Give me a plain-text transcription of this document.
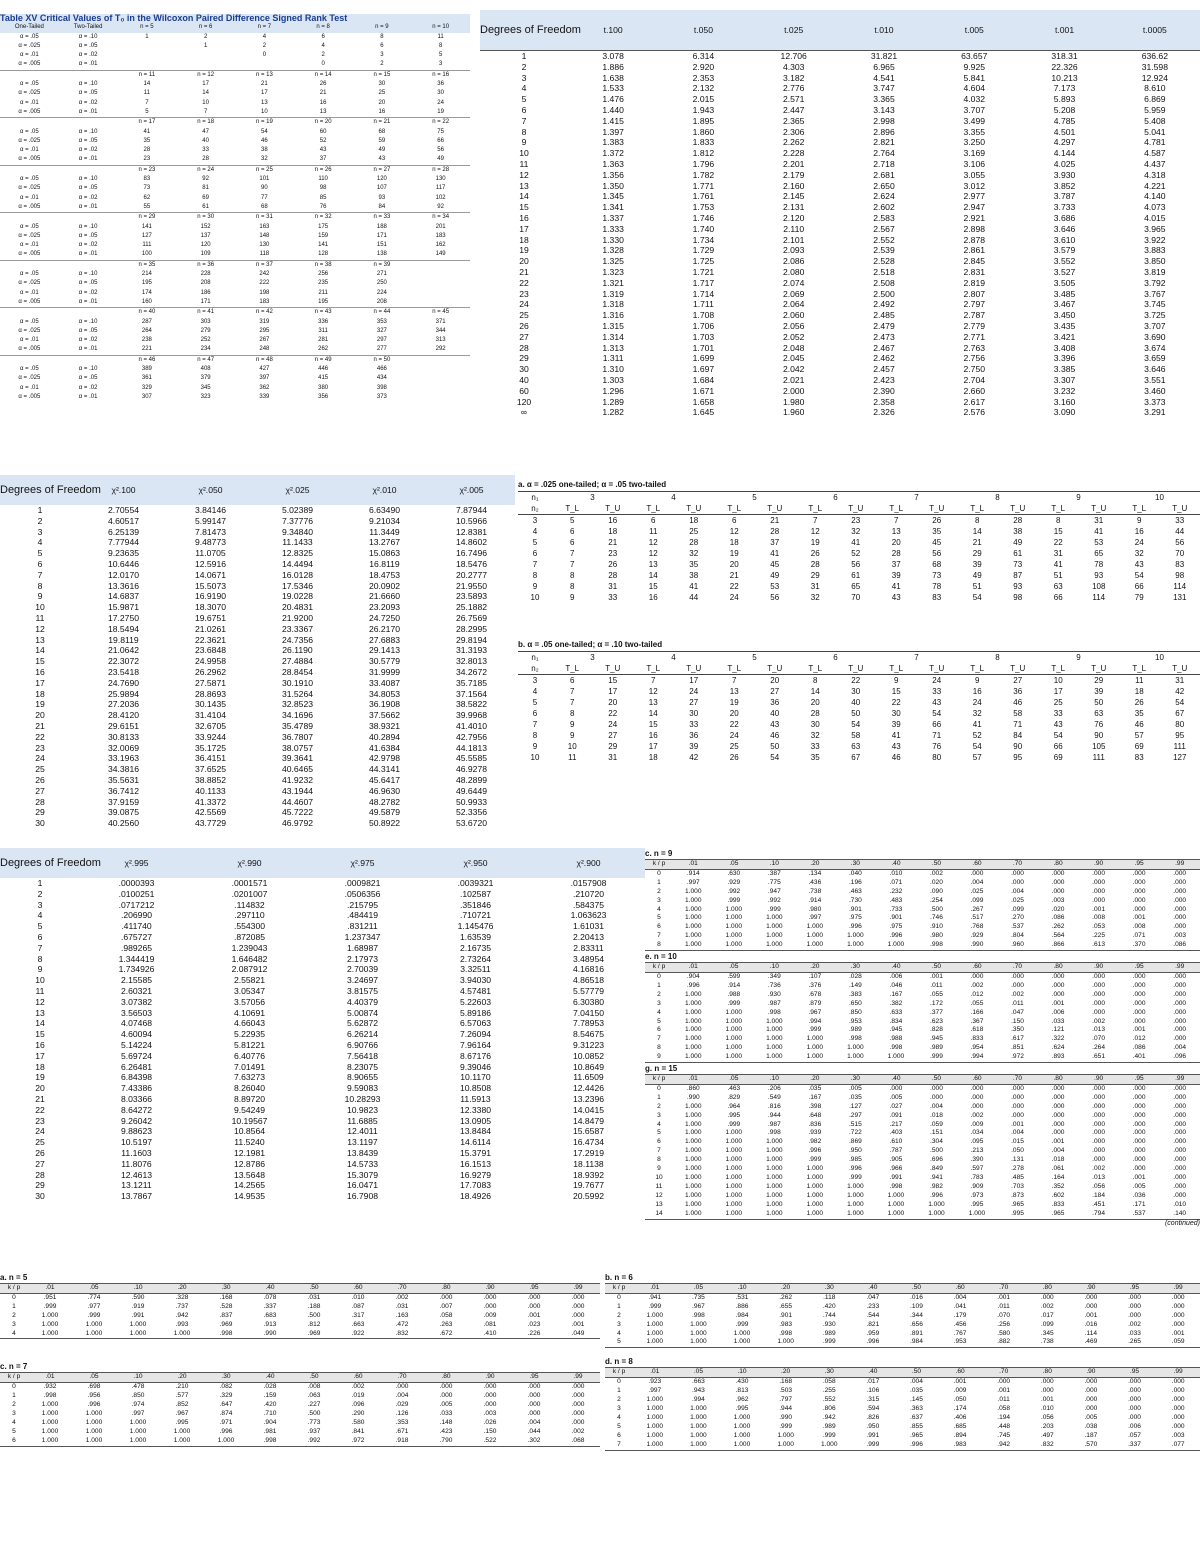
Table XV Critical Values of T₀ in the Wilcoxon Paired Difference Signed Rank Test							
One-Tailed	Two-Tailed	n = 5	n = 6	n = 7	n = 8	n = 9	n = 10
α = .05	α = .10	1	2	4	6	8	11
α = .025	α = .05		1	2	4	6	8
α = .01	α = .02			0	2	3	5
α = .005	α = .01				0	2	3
		n = 11	n = 12	n = 13	n = 14	n = 15	n = 16
α = .05	α = .10	14	17	21	26	30	36
α = .025	α = .05	11	14	17	21	25	30
α = .01	α = .02	7	10	13	16	20	24
α = .005	α = .01	5	7	10	13	16	19
		n = 17	n = 18	n = 19	n = 20	n = 21	n = 22
α = .05	α = .10	41	47	54	60	68	75
α = .025	α = .05	35	40	46	52	59	66
α = .01	α = .02	28	33	38	43	49	56
α = .005	α = .01	23	28	32	37	43	49
		n = 23	n = 24	n = 25	n = 26	n = 27	n = 28
α = .05	α = .10	83	92	101	110	120	130
α = .025	α = .05	73	81	90	98	107	117
α = .01	α = .02	62	69	77	85	93	102
α = .005	α = .01	55	61	68	76	84	92
		n = 29	n = 30	n = 31	n = 32	n = 33	n = 34
α = .05	α = .10	141	152	163	175	188	201
α = .025	α = .05	127	137	148	159	171	183
α = .01	α = .02	111	120	130	141	151	162
α = .005	α = .01	100	109	118	128	138	149
		n = 35	n = 36	n = 37	n = 38	n = 39	
α = .05	α = .10	214	228	242	256	271	
α = .025	α = .05	195	208	222	235	250	
α = .01	α = .02	174	186	198	211	224	
α = .005	α = .01	160	171	183	195	208	
		n = 40	n = 41	n = 42	n = 43	n = 44	n = 45
α = .05	α = .10	287	303	319	336	353	371
α = .025	α = .05	264	279	295	311	327	344
α = .01	α = .02	238	252	267	281	297	313
α = .005	α = .01	221	234	248	262	277	292
		n = 46	n = 47	n = 48	n = 49	n = 50	
α = .05	α = .10	389	408	427	446	466	
α = .025	α = .05	361	379	397	415	434	
α = .01	α = .02	329	345	362	380	398	
α = .005	α = .01	307	323	339	356	373	
Degrees of Freedom	t.100	t.050	t.025	t.010	t.005	t.001	t.0005
1	3.078	6.314	12.706	31.821	63.657	318.31	636.62
2	1.886	2.920	4.303	6.965	9.925	22.326	31.598
3	1.638	2.353	3.182	4.541	5.841	10.213	12.924
4	1.533	2.132	2.776	3.747	4.604	7.173	8.610
5	1.476	2.015	2.571	3.365	4.032	5.893	6.869
6	1.440	1.943	2.447	3.143	3.707	5.208	5.959
7	1.415	1.895	2.365	2.998	3.499	4.785	5.408
8	1.397	1.860	2.306	2.896	3.355	4.501	5.041
9	1.383	1.833	2.262	2.821	3.250	4.297	4.781
10	1.372	1.812	2.228	2.764	3.169	4.144	4.587
11	1.363	1.796	2.201	2.718	3.106	4.025	4.437
12	1.356	1.782	2.179	2.681	3.055	3.930	4.318
13	1.350	1.771	2.160	2.650	3.012	3.852	4.221
14	1.345	1.761	2.145	2.624	2.977	3.787	4.140
15	1.341	1.753	2.131	2.602	2.947	3.733	4.073
16	1.337	1.746	2.120	2.583	2.921	3.686	4.015
17	1.333	1.740	2.110	2.567	2.898	3.646	3.965
18	1.330	1.734	2.101	2.552	2.878	3.610	3.922
19	1.328	1.729	2.093	2.539	2.861	3.579	3.883
20	1.325	1.725	2.086	2.528	2.845	3.552	3.850
21	1.323	1.721	2.080	2.518	2.831	3.527	3.819
22	1.321	1.717	2.074	2.508	2.819	3.505	3.792
23	1.319	1.714	2.069	2.500	2.807	3.485	3.767
24	1.318	1.711	2.064	2.492	2.797	3.467	3.745
25	1.316	1.708	2.060	2.485	2.787	3.450	3.725
26	1.315	1.706	2.056	2.479	2.779	3.435	3.707
27	1.314	1.703	2.052	2.473	2.771	3.421	3.690
28	1.313	1.701	2.048	2.467	2.763	3.408	3.674
29	1.311	1.699	2.045	2.462	2.756	3.396	3.659
30	1.310	1.697	2.042	2.457	2.750	3.385	3.646
40	1.303	1.684	2.021	2.423	2.704	3.307	3.551
60	1.296	1.671	2.000	2.390	2.660	3.232	3.460
120	1.289	1.658	1.980	2.358	2.617	3.160	3.373
∞	1.282	1.645	1.960	2.326	2.576	3.090	3.291
Degrees of Freedom	χ².100	χ².050	χ².025	χ².010	χ².005
1	2.70554	3.84146	5.02389	6.63490	7.87944
2	4.60517	5.99147	7.37776	9.21034	10.5966
3	6.25139	7.81473	9.34840	11.3449	12.8381
4	7.77944	9.48773	11.1433	13.2767	14.8602
5	9.23635	11.0705	12.8325	15.0863	16.7496
6	10.6446	12.5916	14.4494	16.8119	18.5476
7	12.0170	14.0671	16.0128	18.4753	20.2777
8	13.3616	15.5073	17.5346	20.0902	21.9550
9	14.6837	16.9190	19.0228	21.6660	23.5893
10	15.9871	18.3070	20.4831	23.2093	25.1882
11	17.2750	19.6751	21.9200	24.7250	26.7569
12	18.5494	21.0261	23.3367	26.2170	28.2995
13	19.8119	22.3621	24.7356	27.6883	29.8194
14	21.0642	23.6848	26.1190	29.1413	31.3193
15	22.3072	24.9958	27.4884	30.5779	32.8013
16	23.5418	26.2962	28.8454	31.9999	34.2672
17	24.7690	27.5871	30.1910	33.4087	35.7185
18	25.9894	28.8693	31.5264	34.8053	37.1564
19	27.2036	30.1435	32.8523	36.1908	38.5822
20	28.4120	31.4104	34.1696	37.5662	39.9968
21	29.6151	32.6705	35.4789	38.9321	41.4010
22	30.8133	33.9244	36.7807	40.2894	42.7956
23	32.0069	35.1725	38.0757	41.6384	44.1813
24	33.1963	36.4151	39.3641	42.9798	45.5585
25	34.3816	37.6525	40.6465	44.3141	46.9278
26	35.5631	38.8852	41.9232	45.6417	48.2899
27	36.7412	40.1133	43.1944	46.9630	49.6449
28	37.9159	41.3372	44.4607	48.2782	50.9933
29	39.0875	42.5569	45.7222	49.5879	52.3356
30	40.2560	43.7729	46.9792	50.8922	53.6720
a. α = .025 one-tailed; α = .05 two-tailed
n₁	3		4		5		6		7		8		9		10	
n₂	T_L	T_U	T_L	T_U	T_L	T_U	T_L	T_U	T_L	T_U	T_L	T_U	T_L	T_U	T_L	T_U
3	5	16	6	18	6	21	7	23	7	26	8	28	8	31	9	33
4	6	18	11	25	12	28	12	32	13	35	14	38	15	41	16	44
5	6	21	12	28	18	37	19	41	20	45	21	49	22	53	24	56
6	7	23	12	32	19	41	26	52	28	56	29	61	31	65	32	70
7	7	26	13	35	20	45	28	56	37	68	39	73	41	78	43	83
8	8	28	14	38	21	49	29	61	39	73	49	87	51	93	54	98
9	8	31	15	41	22	53	31	65	41	78	51	93	63	108	66	114
10	9	33	16	44	24	56	32	70	43	83	54	98	66	114	79	131
b. α = .05 one-tailed; α = .10 two-tailed
n₁	3		4		5		6		7		8		9		10	
n₂	T_L	T_U	T_L	T_U	T_L	T_U	T_L	T_U	T_L	T_U	T_L	T_U	T_L	T_U	T_L	T_U
3	6	15	7	17	7	20	8	22	9	24	9	27	10	29	11	31
4	7	17	12	24	13	27	14	30	15	33	16	36	17	39	18	42
5	7	20	13	27	19	36	20	40	22	43	24	46	25	50	26	54
6	8	22	14	30	20	40	28	50	30	54	32	58	33	63	35	67
7	9	24	15	33	22	43	30	54	39	66	41	71	43	76	46	80
8	9	27	16	36	24	46	32	58	41	71	52	84	54	90	57	95
9	10	29	17	39	25	50	33	63	43	76	54	90	66	105	69	111
10	11	31	18	42	26	54	35	67	46	80	57	95	69	111	83	127
Degrees of Freedom	χ².995	χ².990	χ².975	χ².950	χ².900
1	.0000393	.0001571	.0009821	.0039321	.0157908
2	.0100251	.0201007	.0506356	.102587	.210720
3	.0717212	.114832	.215795	.351846	.584375
4	.206990	.297110	.484419	.710721	1.063623
5	.411740	.554300	.831211	1.145476	1.61031
6	.675727	.872085	1.237347	1.63539	2.20413
7	.989265	1.239043	1.68987	2.16735	2.83311
8	1.344419	1.646482	2.17973	2.73264	3.48954
9	1.734926	2.087912	2.70039	3.32511	4.16816
10	2.15585	2.55821	3.24697	3.94030	4.86518
11	2.60321	3.05347	3.81575	4.57481	5.57779
12	3.07382	3.57056	4.40379	5.22603	6.30380
13	3.56503	4.10691	5.00874	5.89186	7.04150
14	4.07468	4.66043	5.62872	6.57063	7.78953
15	4.60094	5.22935	6.26214	7.26094	8.54675
16	5.14224	5.81221	6.90766	7.96164	9.31223
17	5.69724	6.40776	7.56418	8.67176	10.0852
18	6.26481	7.01491	8.23075	9.39046	10.8649
19	6.84398	7.63273	8.90655	10.1170	11.6509
20	7.43386	8.26040	9.59083	10.8508	12.4426
21	8.03366	8.89720	10.28293	11.5913	13.2396
22	8.64272	9.54249	10.9823	12.3380	14.0415
23	9.26042	10.19567	11.6885	13.0905	14.8479
24	9.88623	10.8564	12.4011	13.8484	15.6587
25	10.5197	11.5240	13.1197	14.6114	16.4734
26	11.1603	12.1981	13.8439	15.3791	17.2919
27	11.8076	12.8786	14.5733	16.1513	18.1138
28	12.4613	13.5648	15.3079	16.9279	18.9392
29	13.1211	14.2565	16.0471	17.7083	19.7677
30	13.7867	14.9535	16.7908	18.4926	20.5992
c. n = 9
k / p	.01	.05	.10	.20	.30	.40	.50	.60	.70	.80	.90	.95	.99
0	.914	.630	.387	.134	.040	.010	.002	.000	.000	.000	.000	.000	.000
1	.997	.929	.775	.436	.196	.071	.020	.004	.000	.000	.000	.000	.000
2	1.000	.992	.947	.738	.463	.232	.090	.025	.004	.000	.000	.000	.000
3	1.000	.999	.992	.914	.730	.483	.254	.099	.025	.003	.000	.000	.000
4	1.000	1.000	.999	.980	.901	.733	.500	.267	.099	.020	.001	.000	.000
5	1.000	1.000	1.000	.997	.975	.901	.746	.517	.270	.086	.008	.001	.000
6	1.000	1.000	1.000	1.000	.996	.975	.910	.768	.537	.262	.053	.008	.000
7	1.000	1.000	1.000	1.000	1.000	.996	.980	.929	.804	.564	.225	.071	.003
8	1.000	1.000	1.000	1.000	1.000	1.000	.998	.990	.960	.866	.613	.370	.086
e. n = 10
k / p	.01	.05	.10	.20	.30	.40	.50	.60	.70	.80	.90	.95	.99
0	.904	.599	.349	.107	.028	.006	.001	.000	.000	.000	.000	.000	.000
1	.996	.914	.736	.376	.149	.046	.011	.002	.000	.000	.000	.000	.000
2	1.000	.988	.930	.678	.383	.167	.055	.012	.002	.000	.000	.000	.000
3	1.000	.999	.987	.879	.650	.382	.172	.055	.011	.001	.000	.000	.000
4	1.000	1.000	.998	.967	.850	.633	.377	.166	.047	.006	.000	.000	.000
5	1.000	1.000	1.000	.994	.953	.834	.623	.367	.150	.033	.002	.000	.000
6	1.000	1.000	1.000	.999	.989	.945	.828	.618	.350	.121	.013	.001	.000
7	1.000	1.000	1.000	1.000	.998	.988	.945	.833	.617	.322	.070	.012	.000
8	1.000	1.000	1.000	1.000	1.000	.998	.989	.954	.851	.624	.264	.086	.004
9	1.000	1.000	1.000	1.000	1.000	1.000	.999	.994	.972	.893	.651	.401	.096
g. n = 15
k / p	.01	.05	.10	.20	.30	.40	.50	.60	.70	.80	.90	.95	.99
0	.860	.463	.206	.035	.005	.000	.000	.000	.000	.000	.000	.000	.000
1	.990	.829	.549	.167	.035	.005	.000	.000	.000	.000	.000	.000	.000
2	1.000	.964	.816	.398	.127	.027	.004	.000	.000	.000	.000	.000	.000
3	1.000	.995	.944	.648	.297	.091	.018	.002	.000	.000	.000	.000	.000
4	1.000	.999	.987	.836	.515	.217	.059	.009	.001	.000	.000	.000	.000
5	1.000	1.000	.998	.939	.722	.403	.151	.034	.004	.000	.000	.000	.000
6	1.000	1.000	1.000	.982	.869	.610	.304	.095	.015	.001	.000	.000	.000
7	1.000	1.000	1.000	.996	.950	.787	.500	.213	.050	.004	.000	.000	.000
8	1.000	1.000	1.000	.999	.985	.905	.696	.390	.131	.018	.000	.000	.000
9	1.000	1.000	1.000	1.000	.996	.966	.849	.597	.278	.061	.002	.000	.000
10	1.000	1.000	1.000	1.000	.999	.991	.941	.783	.485	.164	.013	.001	.000
11	1.000	1.000	1.000	1.000	1.000	.998	.982	.909	.703	.352	.056	.005	.000
12	1.000	1.000	1.000	1.000	1.000	1.000	.996	.973	.873	.602	.184	.036	.000
13	1.000	1.000	1.000	1.000	1.000	1.000	1.000	.995	.965	.833	.451	.171	.010
14	1.000	1.000	1.000	1.000	1.000	1.000	1.000	1.000	.995	.965	.794	.537	.140
(continued)
a. n = 5
k / p	.01	.05	.10	.20	.30	.40	.50	.60	.70	.80	.90	.95	.99
0	.951	.774	.590	.328	.168	.078	.031	.010	.002	.000	.000	.000	.000
1	.999	.977	.919	.737	.528	.337	.188	.087	.031	.007	.000	.000	.000
2	1.000	.999	.991	.942	.837	.683	.500	.317	.163	.058	.009	.001	.000
3	1.000	1.000	1.000	.993	.969	.913	.812	.663	.472	.263	.081	.023	.001
4	1.000	1.000	1.000	1.000	.998	.990	.969	.922	.832	.672	.410	.226	.049
c. n = 7
k / p	.01	.05	.10	.20	.30	.40	.50	.60	.70	.80	.90	.95	.99
0	.932	.698	.478	.210	.082	.028	.008	.002	.000	.000	.000	.000	.000
1	.998	.956	.850	.577	.329	.159	.063	.019	.004	.000	.000	.000	.000
2	1.000	.996	.974	.852	.647	.420	.227	.096	.029	.005	.000	.000	.000
3	1.000	1.000	.997	.967	.874	.710	.500	.290	.126	.033	.003	.000	.000
4	1.000	1.000	1.000	.995	.971	.904	.773	.580	.353	.148	.026	.004	.000
5	1.000	1.000	1.000	1.000	.996	.981	.937	.841	.671	.423	.150	.044	.002
6	1.000	1.000	1.000	1.000	1.000	.998	.992	.972	.918	.790	.522	.302	.068
b. n = 6
k / p	.01	.05	.10	.20	.30	.40	.50	.60	.70	.80	.90	.95	.99
0	.941	.735	.531	.262	.118	.047	.016	.004	.001	.000	.000	.000	.000
1	.999	.967	.886	.655	.420	.233	.109	.041	.011	.002	.000	.000	.000
2	1.000	.998	.984	.901	.744	.544	.344	.179	.070	.017	.001	.000	.000
3	1.000	1.000	.999	.983	.930	.821	.656	.456	.256	.099	.016	.002	.000
4	1.000	1.000	1.000	.998	.989	.959	.891	.767	.580	.345	.114	.033	.001
5	1.000	1.000	1.000	1.000	.999	.996	.984	.953	.882	.738	.469	.265	.059
d. n = 8
k / p	.01	.05	.10	.20	.30	.40	.50	.60	.70	.80	.90	.95	.99
0	.923	.663	.430	.168	.058	.017	.004	.001	.000	.000	.000	.000	.000
1	.997	.943	.813	.503	.255	.106	.035	.009	.001	.000	.000	.000	.000
2	1.000	.994	.962	.797	.552	.315	.145	.050	.011	.001	.000	.000	.000
3	1.000	1.000	.995	.944	.806	.594	.363	.174	.058	.010	.000	.000	.000
4	1.000	1.000	1.000	.990	.942	.826	.637	.406	.194	.056	.005	.000	.000
5	1.000	1.000	1.000	.999	.989	.950	.855	.685	.448	.203	.038	.006	.000
6	1.000	1.000	1.000	1.000	.999	.991	.965	.894	.745	.497	.187	.057	.003
7	1.000	1.000	1.000	1.000	1.000	.999	.996	.983	.942	.832	.570	.337	.077
